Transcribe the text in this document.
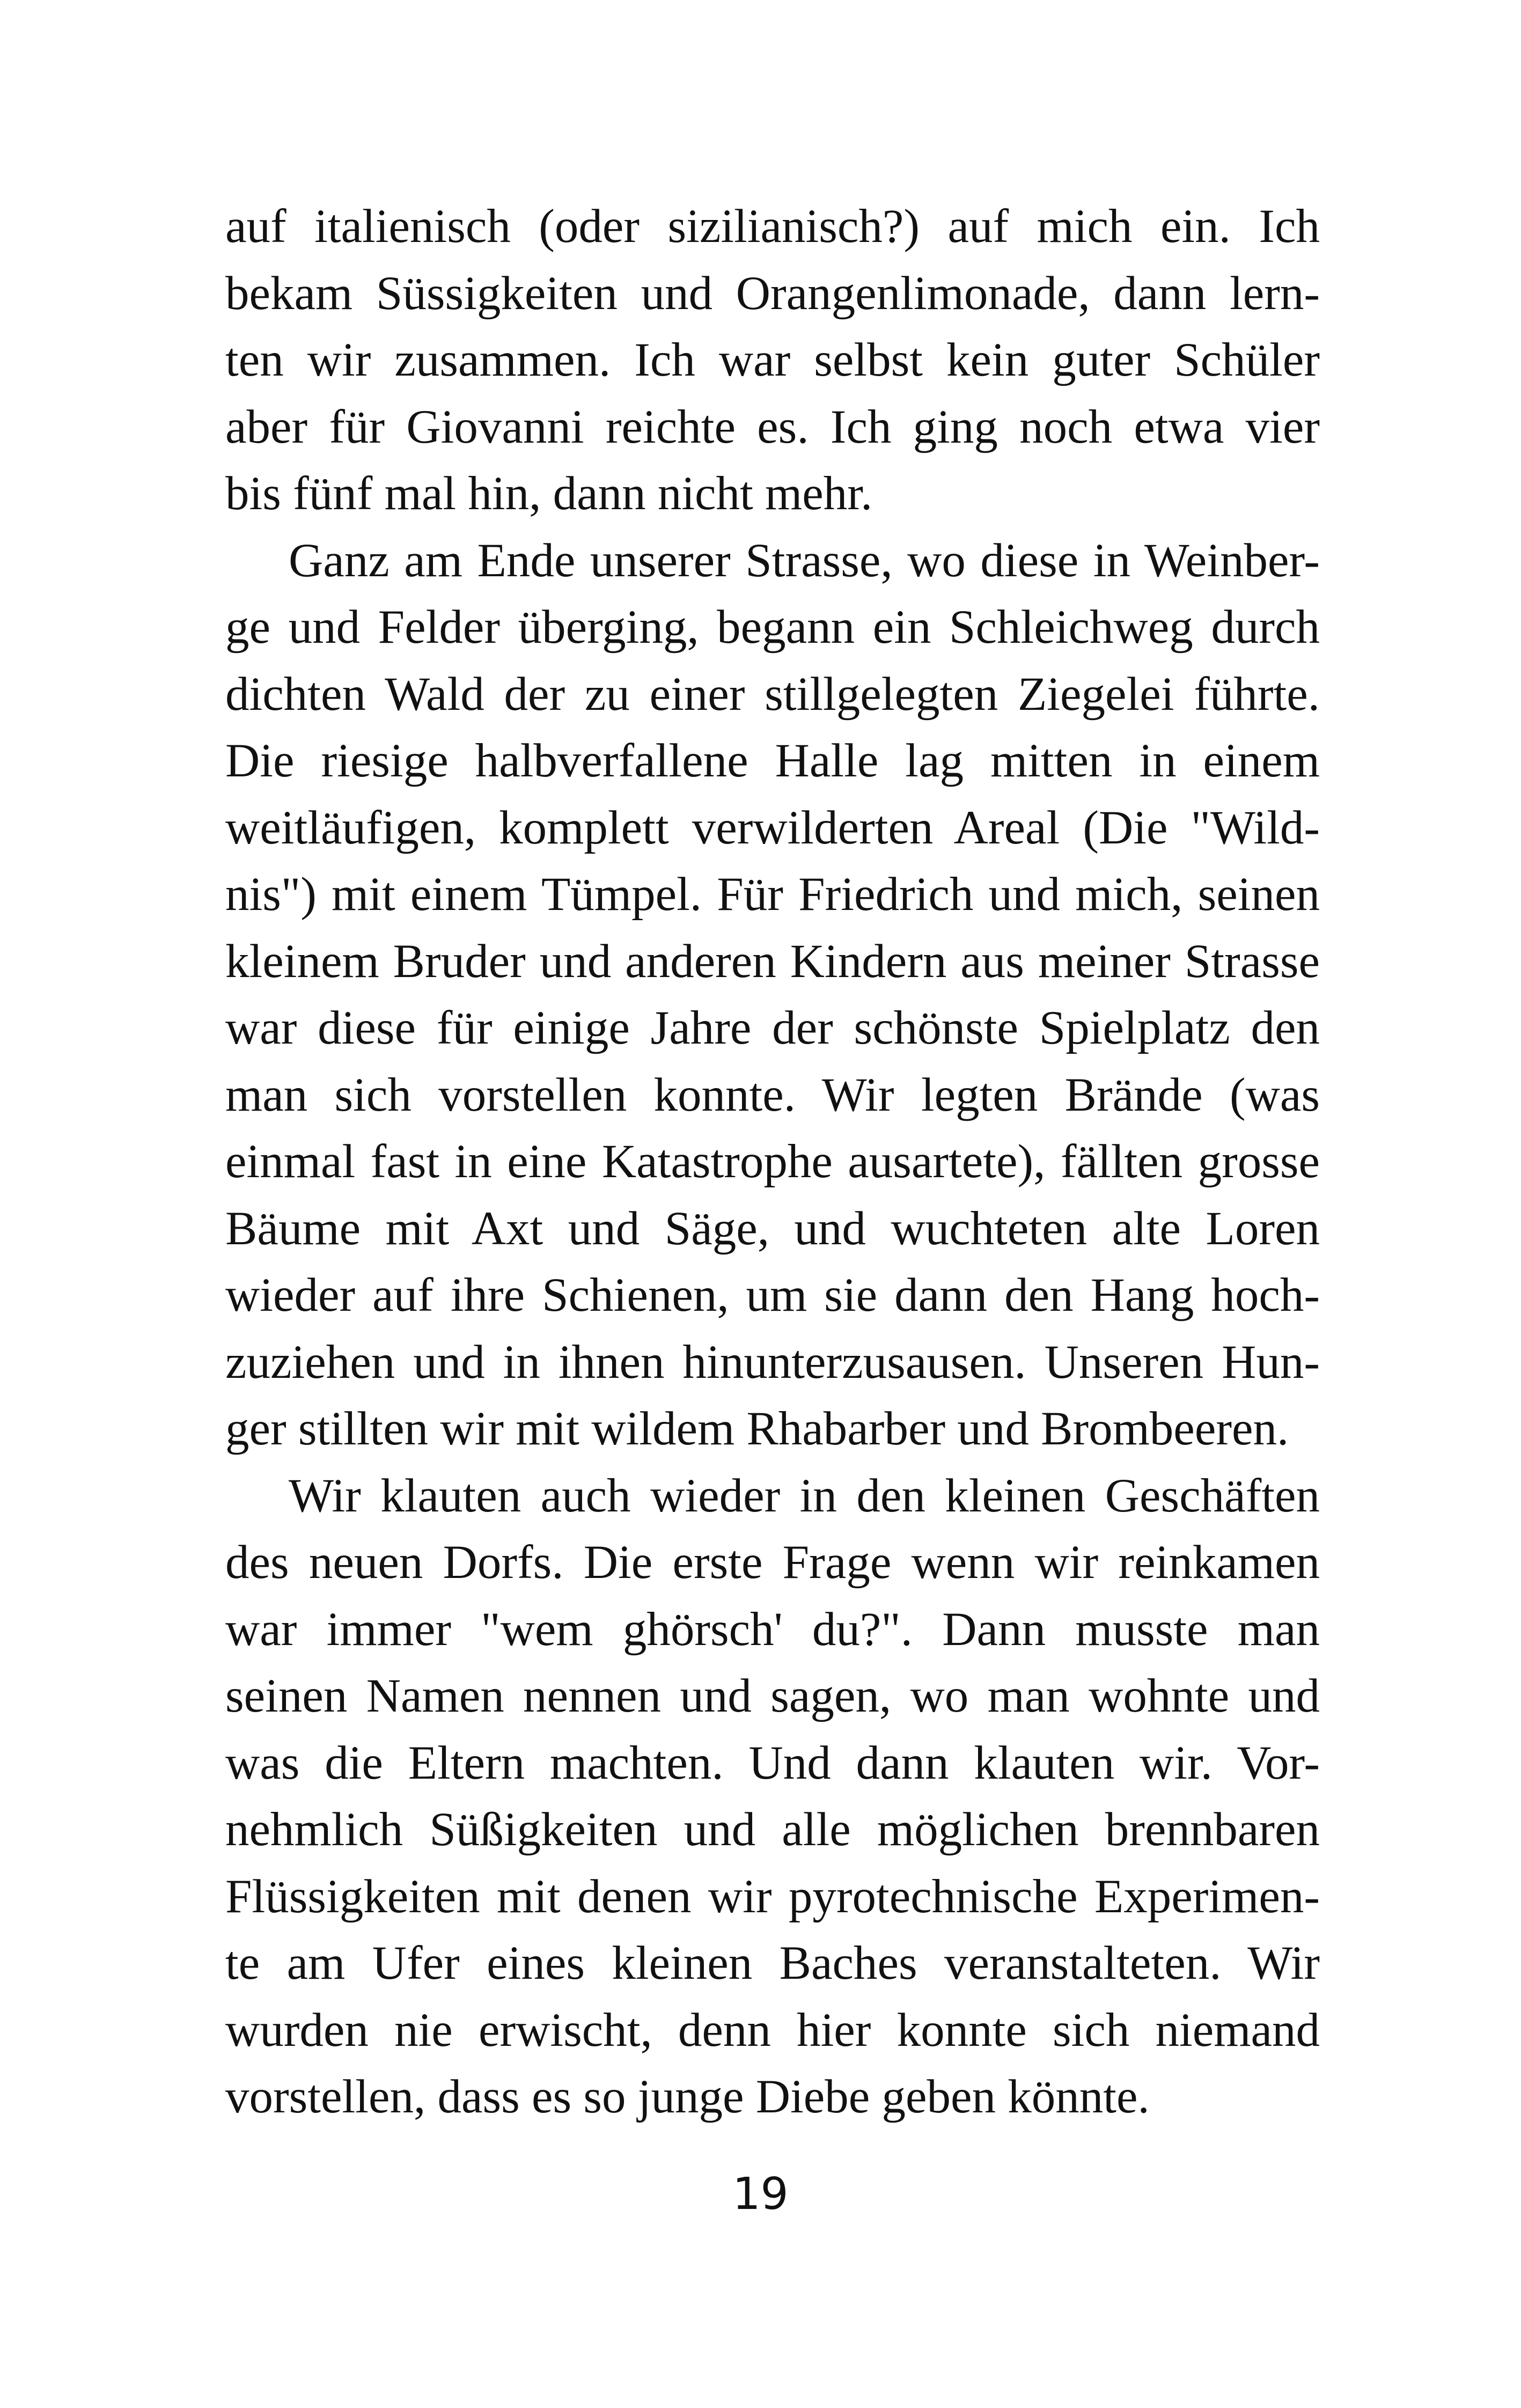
auf italienisch (oder sizilianisch?) auf mich ein. Ich
bekam Süssigkeiten und Orangenlimonade, dann lern-
ten wir zusammen. Ich war selbst kein guter Schüler
aber für Giovanni reichte es. Ich ging noch etwa vier
bis fünf mal hin, dann nicht mehr.
Ganz am Ende unserer Strasse, wo diese in Weinber-
ge und Felder überging, begann ein Schleichweg durch
dichten Wald der zu einer stillgelegten Ziegelei führte.
Die riesige halbverfallene Halle lag mitten in einem
weitläufigen, komplett verwilderten Areal (Die "Wild-
nis") mit einem Tümpel. Für Friedrich und mich, seinen
kleinem Bruder und anderen Kindern aus meiner Strasse
war diese für einige Jahre der schönste Spielplatz den
man sich vorstellen konnte. Wir legten Brände (was
einmal fast in eine Katastrophe ausartete), fällten grosse
Bäume mit Axt und Säge, und wuchteten alte Loren
wieder auf ihre Schienen, um sie dann den Hang hoch-
zuziehen und in ihnen hinunterzusausen. Unseren Hun-
ger stillten wir mit wildem Rhabarber und Brombeeren.
Wir klauten auch wieder in den kleinen Geschäften
des neuen Dorfs. Die erste Frage wenn wir reinkamen
war immer "wem ghörsch' du?". Dann musste man
seinen Namen nennen und sagen, wo man wohnte und
was die Eltern machten. Und dann klauten wir. Vor-
nehmlich Süßigkeiten und alle möglichen brennbaren
Flüssigkeiten mit denen wir pyrotechnische Experimen-
te am Ufer eines kleinen Baches veranstalteten. Wir
wurden nie erwischt, denn hier konnte sich niemand
vorstellen, dass es so junge Diebe geben könnte.
19
